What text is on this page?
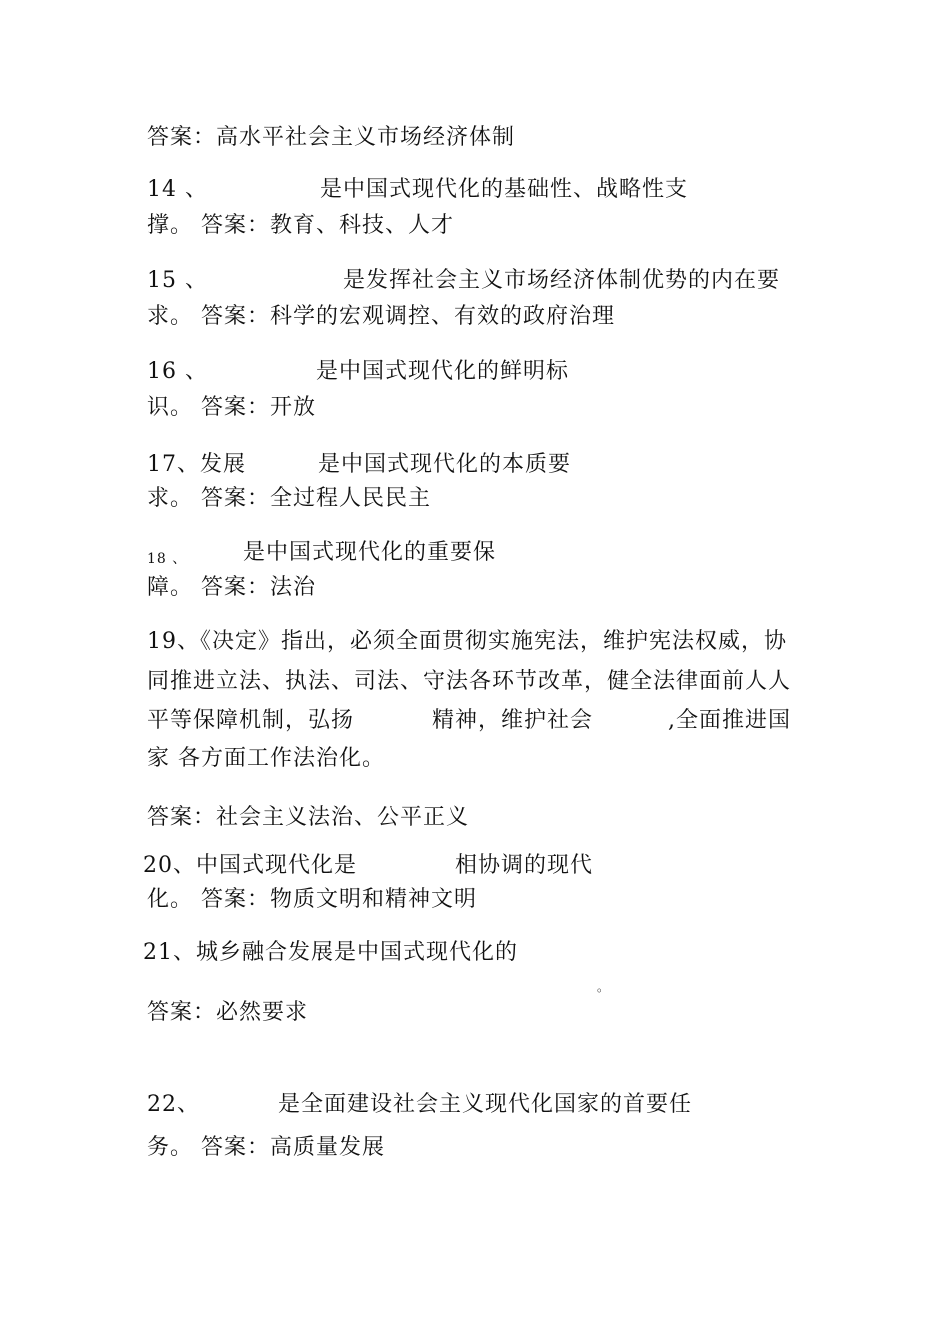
答案：高水平社会主义市场经济体制
14 、	是中国式现代化的基础性、战略性支
撑。 答案：教育、科技、人才
15 、	是发挥社会主义市场经济体制优势的内在要
求。 答案：科学的宏观调控、有效的政府治理
16 、	是中国式现代化的鲜明标
识。 答案：开放
17、发展	是中国式现代化的本质要
求。 答案：全过程人民民主
18 、	是中国式现代化的重要保
障。 答案：法治
19、《决定》指出，必须全面贯彻实施宪法，维护宪法权威，协
同推进立法、执法、司法、守法各环节改革，健全法律面前人人
平等保障机制，弘扬	精神，维护社会	,全面推进国
家 各方面工作法治化。
答案：社会主义法治、公平正义
20、中国式现代化是	相协调的现代
化。 答案：物质文明和精神文明
21、城乡融合发展是中国式现代化的
。
答案：必然要求
22、	是全面建设社会主义现代化国家的首要任
务。 答案：高质量发展
